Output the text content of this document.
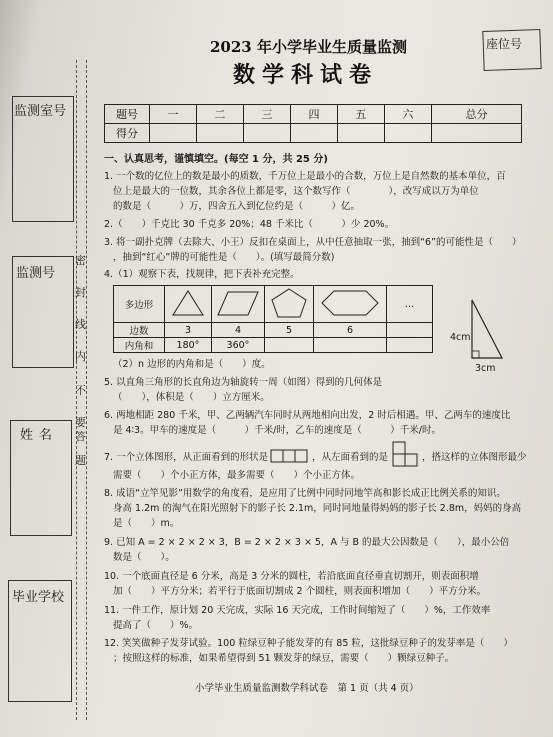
座位号
2023 年小学毕业生质量监测
数学科试卷
监测室号
监测号
姓名
毕业学校
密
封
线
内
不
要
答
题
题号	一	二	三	四	五	六	总分
得分							
一、认真思考，谨慎填空。(每空 1 分，共 25 分)
1. 一个数的亿位上的数是最小的质数，千万位上是最小的合数，万位上是自然数的基本单位，百
位上是最大的一位数，其余各位上都是零，这个数写作（　　　　），改写成以万为单位
的数是（　　　）万，四舍五入到亿位约是（　　　）亿。
2.（　　）千克比 30 千克多 20%；48 千米比（　　　）少 20%。
3. 将一副扑克牌（去除大、小王）反扣在桌面上，从中任意抽取一张，抽到“6”的可能性是（　　）
，抽到“红心”牌的可能性是（　　）。(填写最简分数)
4.（1）观察下表，找规律，把下表补充完整。
多边形					…
边数	3	4	5	6	
内角和	180°	360°			
4cm
3cm
（2）n 边形的内角和是（　　）度。
5. 以直角三角形的长直角边为轴旋转一周（如图）得到的几何体是
（　　），体积是（　　）立方厘米。
6. 两地相距 280 千米，甲、乙两辆汽车同时从两地相向出发，2 时后相遇。甲、乙两车的速度比
是 4∶3。甲车的速度是（　　　）千米/时，乙车的速度是（　　　）千米/时。
7. 一个立体图形，从正面看到的形状是	，从左面看到的是	，搭这样的立体图形最少
需要（　　）个小正方体，最多需要（　　）个小正方体。
8. 成语“立竿见影”用数学的角度看，是应用了比例中同时同地竿高和影长成正比例关系的知识。
身高 1.2m 的淘气在阳光照射下的影子长 2.1m，同时同地量得妈妈的影子长 2.8m，妈妈的身高
是（　　）m。
9. 已知 A = 2 × 2 × 2 × 3，B = 2 × 2 × 3 × 5，A 与 B 的最大公因数是（　　），最小公倍
数是（　　）。
10. 一个底面直径是 6 分米，高是 3 分米的圆柱，若沿底面直径垂直切割开，则表面积增
加（　　）平方分米；若平行于底面切割成 2 个圆柱，则表面积增加（　　）平方分米。
11. 一件工作，原计划 20 天完成，实际 16 天完成，工作时间缩短了（　　）%，工作效率
提高了（　　）%。
12. 笑笑做种子发芽试验。100 粒绿豆种子能发芽的有 85 粒，这批绿豆种子的发芽率是（　　）
；按照这样的标准，如果希望得到 51 颗发芽的绿豆，需要（　　）颗绿豆种子。
小学毕业生质量监测数学科试卷　第 1 页（共 4 页）
